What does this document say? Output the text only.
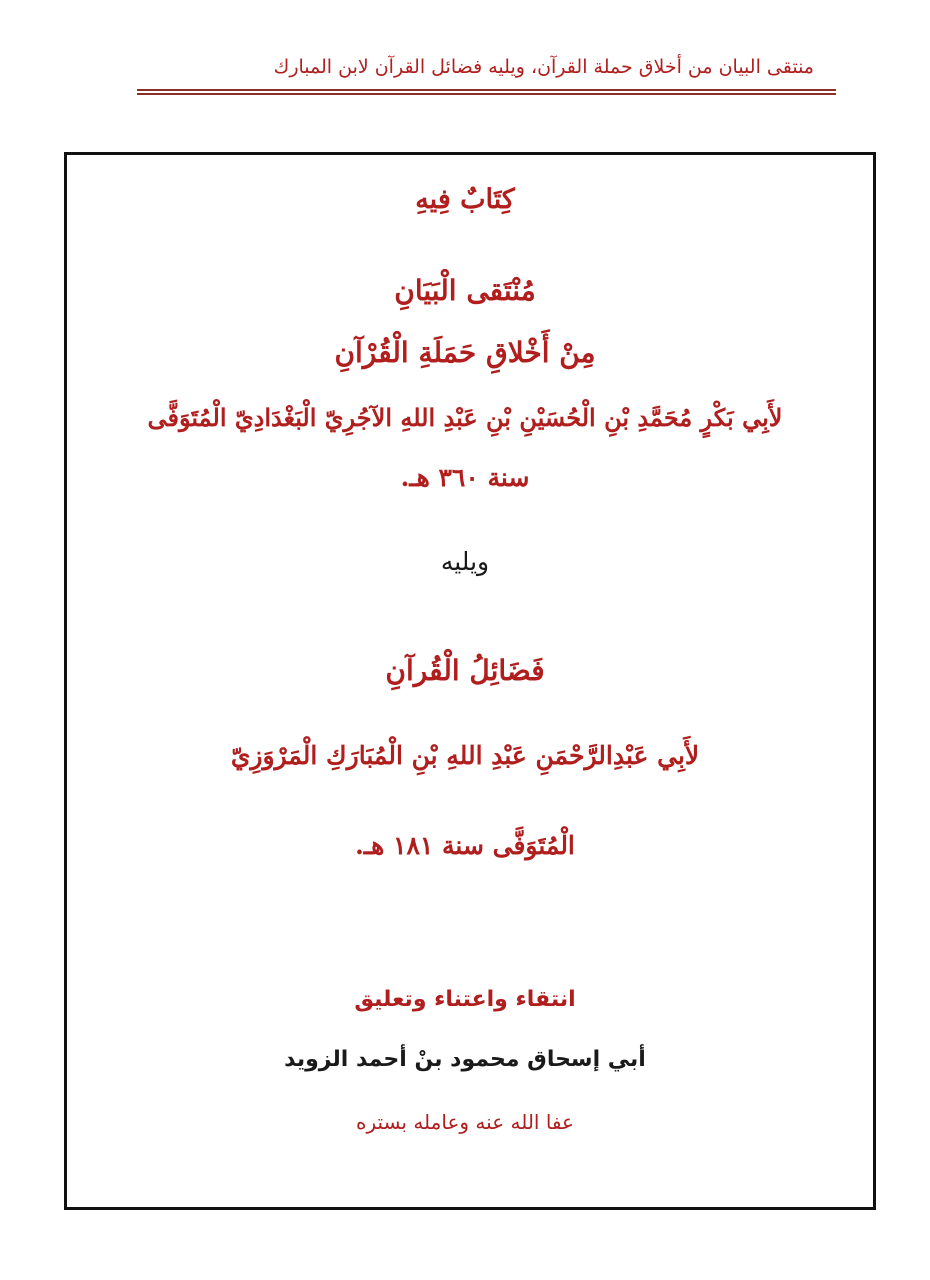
منتقى البيان من أخلاق حملة القرآن، ويليه فضائل القرآن لابن المبارك
كِتَابٌ فِيهِ
مُنْتَقى الْبَيَانِ
مِنْ أَخْلاقِ حَمَلَةِ الْقُرْآنِ
لأَبِي بَكْرٍ مُحَمَّدِ بْنِ الْحُسَيْنِ بْنِ عَبْدِ اللهِ الآجُرِيّ الْبَغْدَادِيّ الْمُتَوَفَّى
سنة ٣٦٠ هـ.
ويليه
فَضَائِلُ الْقُرآنِ
لأَبِي عَبْدِالرَّحْمَنِ عَبْدِ اللهِ بْنِ الْمُبَارَكِ الْمَرْوَزِيّ
الْمُتَوَفَّى سنة ١٨١ هـ.
انتقاء واعتناء وتعليق
أبي إسحاق محمود بنْ أحمد الزويد
عفا الله عنه وعامله بستره
